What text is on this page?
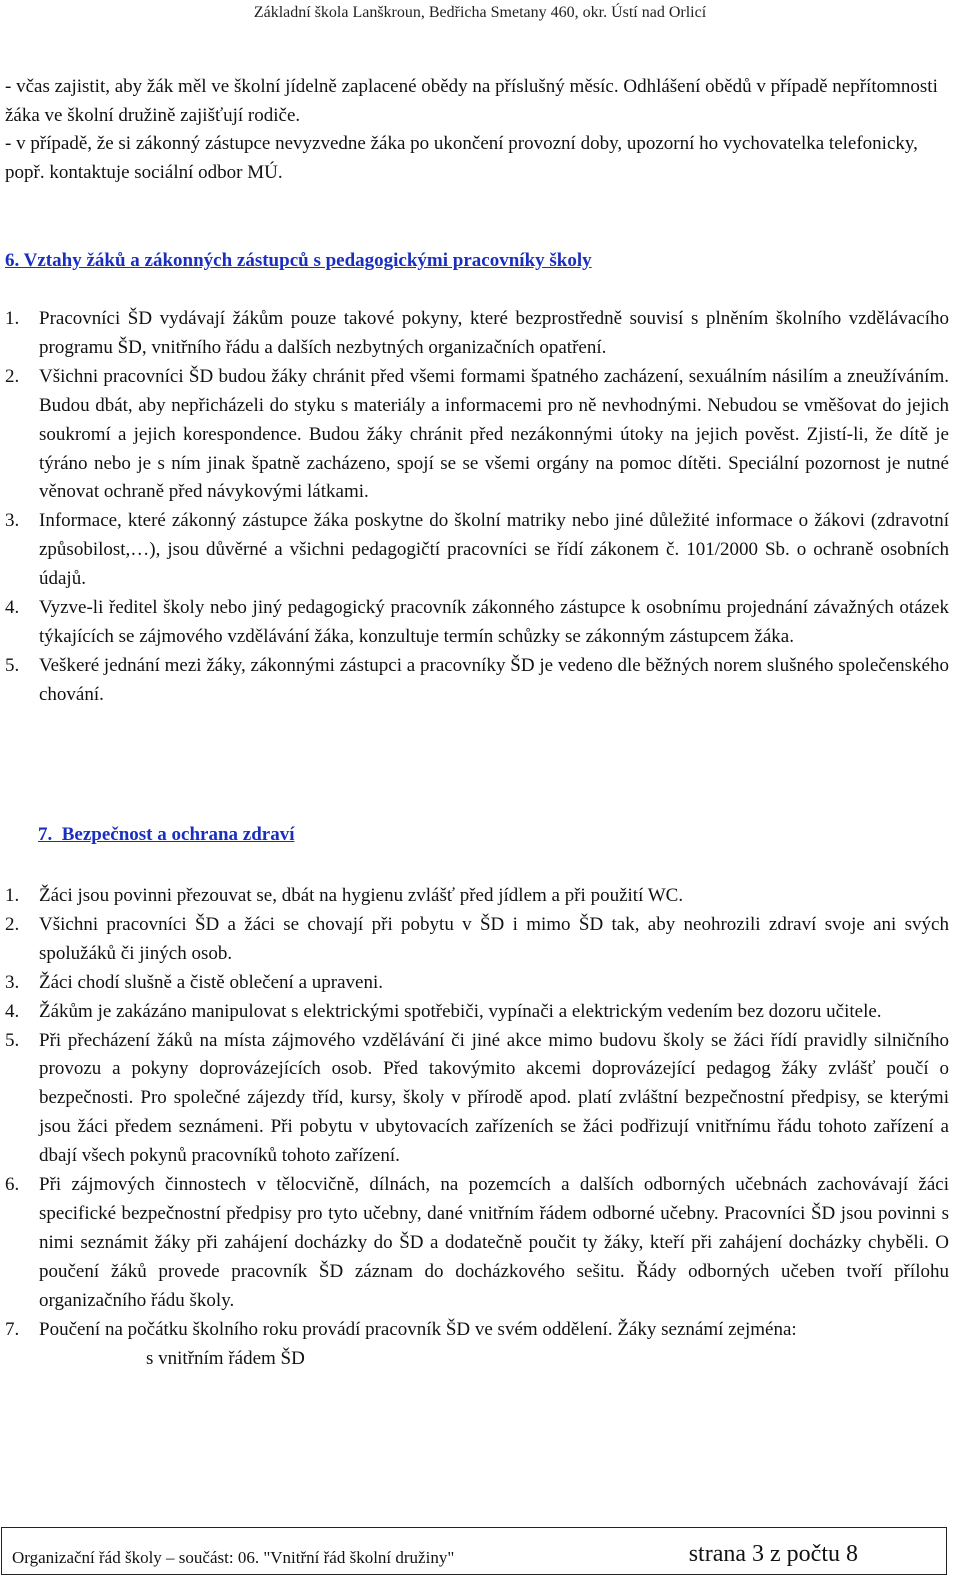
Základní škola Lanškroun, Bedřicha Smetany 460, okr. Ústí nad Orlicí

- včas zajistit, aby žák měl ve školní jídelně zaplacené obědy na příslušný měsíc. Odhlášení obědů v případě nepřítomnosti žáka ve školní družině zajišťují rodiče.

- v případě, že si zákonný zástupce nevyzvedne žáka po ukončení provozní doby, upozorní ho vychovatelka telefonicky, popř. kontaktuje sociální odbor MÚ.

6. Vztahy žáků a zákonných zástupců s pedagogickými pracovníky školy
1. Pracovníci ŠD vydávají žákům pouze takové pokyny, které bezprostředně souvisí s plněním školního vzdělávacího programu ŠD, vnitřního řádu a dalších nezbytných organizačních opatření.
2. Všichni pracovníci ŠD budou žáky chránit před všemi formami špatného zacházení, sexuálním násilím a zneužíváním. Budou dbát, aby nepřicházeli do styku s materiály a informacemi pro ně nevhodnými. Nebudou se vměšovat do jejich soukromí a jejich korespondence. Budou žáky chránit před nezákonnými útoky na jejich pověst. Zjistí-li, že dítě je týráno nebo je s ním jinak špatně zacházeno, spojí se se všemi orgány na pomoc dítěti. Speciální pozornost je nutné věnovat ochraně před návykovými látkami.
3. Informace, které zákonný zástupce žáka poskytne do školní matriky nebo jiné důležité informace o žákovi (zdravotní způsobilost,…), jsou důvěrné a všichni pedagogičtí pracovníci se řídí zákonem č. 101/2000 Sb. o ochraně osobních údajů.
4. Vyzve-li ředitel školy nebo jiný pedagogický pracovník zákonného zástupce k osobnímu projednání závažných otázek týkajících se zájmového vzdělávání žáka, konzultuje termín schůzky se zákonným zástupcem žáka.
5. Veškeré jednání mezi žáky, zákonnými zástupci a pracovníky ŠD je vedeno dle běžných norem slušného společenského chování.
7. Bezpečnost a ochrana zdraví
1. Žáci jsou povinni přezouvat se, dbát na hygienu zvlášť před jídlem a při použití WC.
2. Všichni pracovníci ŠD a žáci se chovají při pobytu v ŠD i mimo ŠD tak, aby neohrozili zdraví svoje ani svých spolužáků či jiných osob.
3. Žáci chodí slušně a čistě oblečení a upraveni.
4. Žákům je zakázáno manipulovat s elektrickými spotřebiči, vypínači a elektrickým vedením bez dozoru učitele.
5. Při přecházení žáků na místa zájmového vzdělávání či jiné akce mimo budovu školy se žáci řídí pravidly silničního provozu a pokyny doprovázejících osob. Před takovýmito akcemi doprovázející pedagog žáky zvlášť poučí o bezpečnosti. Pro společné zájezdy tříd, kursy, školy v přírodě apod. platí zvláštní bezpečnostní předpisy, se kterými jsou žáci předem seznámeni. Při pobytu v ubytovacích zařízeních se žáci podřizují vnitřnímu řádu tohoto zařízení a dbají všech pokynů pracovníků tohoto zařízení.
6. Při zájmových činnostech v tělocvičně, dílnách, na pozemcích a dalších odborných učebnách zachovávají žáci specifické bezpečnostní předpisy pro tyto učebny, dané vnitřním řádem odborné učebny. Pracovníci ŠD jsou povinni s nimi seznámit žáky při zahájení docházky do ŠD a dodatečně poučit ty žáky, kteří při zahájení docházky chyběli. O poučení žáků provede pracovník ŠD záznam do docházkového sešitu. Řády odborných učeben tvoří přílohu organizačního řádu školy.
7. Poučení na počátku školního roku provádí pracovník ŠD ve svém oddělení. Žáky seznámí zejména:
s vnitřním řádem ŠD
Organizační řád školy – součást: 06. "Vnitřní řád školní družiny"	strana 3 z počtu 8
